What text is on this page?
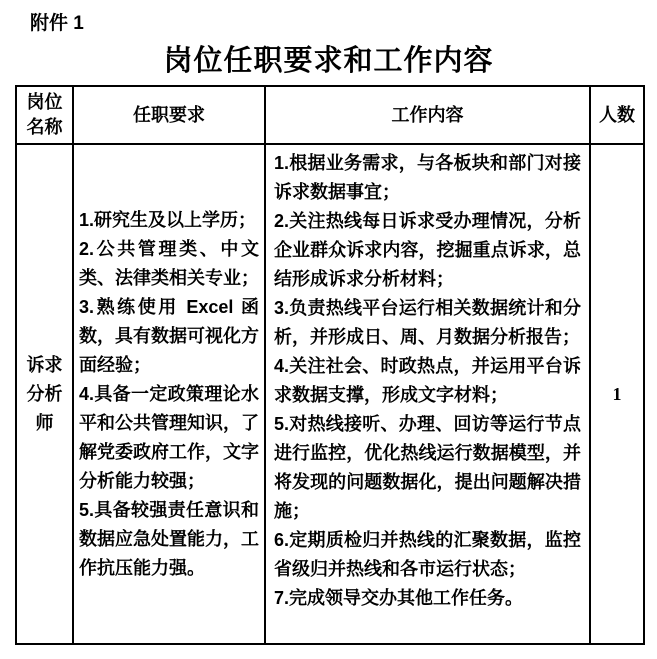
附件 1
岗位任职要求和工作内容
岗位名称
任职要求	工作内容	人数
诉求分析师

1.研究生及以上学历；

2.公共管理类、中文类、法律类相关专业；

3.熟练使用 Excel 函数，具有数据可视化方面经验；

4.具备一定政策理论水平和公共管理知识，了解党委政府工作，文字分析能力较强；

5.具备较强责任意识和数据应急处置能力，工作抗压能力强。

1.根据业务需求，与各板块和部门对接诉求数据事宜；

2.关注热线每日诉求受办理情况，分析企业群众诉求内容，挖掘重点诉求，总结形成诉求分析材料；

3.负责热线平台运行相关数据统计和分析，并形成日、周、月数据分析报告；

4.关注社会、时政热点，并运用平台诉求数据支撑，形成文字材料；

5.对热线接听、办理、回访等运行节点进行监控，优化热线运行数据模型，并将发现的问题数据化，提出问题解决措施；

6.定期质检归并热线的汇聚数据，监控省级归并热线和各市运行状态；

7.完成领导交办其他工作任务。

1
